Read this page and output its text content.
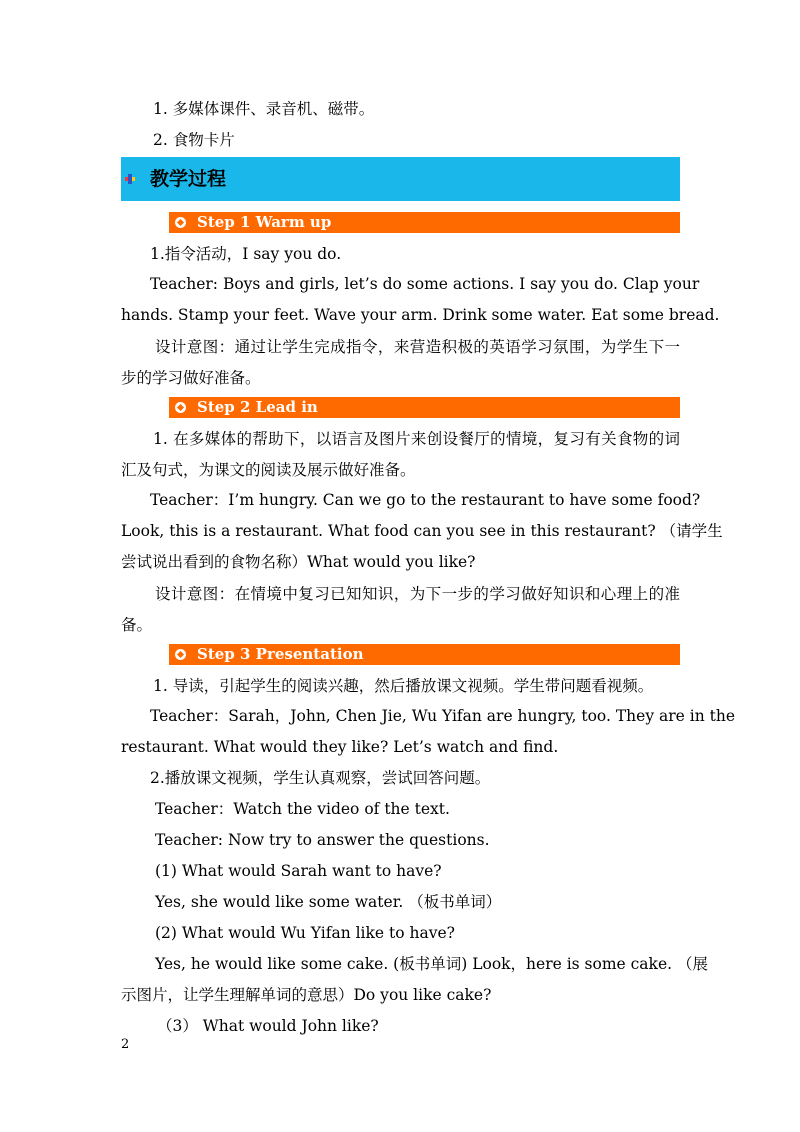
1. 多媒体课件、录音机、磁带。
2. 食物卡片
教学过程
Step 1 Warm up
1.指令活动，I say you do.
Teacher: Boys and girls, let’s do some actions. I say you do. Clap your
hands. Stamp your feet. Wave your arm. Drink some water. Eat some bread.
设计意图：通过让学生完成指令，来营造积极的英语学习氛围，为学生下一
步的学习做好准备。
Step 2 Lead in
1. 在多媒体的帮助下，以语言及图片来创设餐厅的情境，复习有关食物的词
汇及句式，为课文的阅读及展示做好准备。
Teacher：I’m hungry. Can we go to the restaurant to have some food?
Look, this is a restaurant. What food can you see in this restaurant? （请学生
尝试说出看到的食物名称）What would you like?
设计意图：在情境中复习已知知识，为下一步的学习做好知识和心理上的准
备。
Step 3 Presentation
1. 导读，引起学生的阅读兴趣，然后播放课文视频。学生带问题看视频。
Teacher：Sarah，John, Chen Jie, Wu Yifan are hungry, too. They are in the
restaurant. What would they like? Let’s watch and find.
2.播放课文视频，学生认真观察，尝试回答问题。
Teacher：Watch the video of the text.
Teacher: Now try to answer the questions.
(1) What would Sarah want to have?
Yes, she would like some water. （板书单词）
(2) What would Wu Yifan like to have?
Yes, he would like some cake. (板书单词) Look，here is some cake. （展
示图片，让学生理解单词的意思）Do you like cake?
（3） What would John like?
2
